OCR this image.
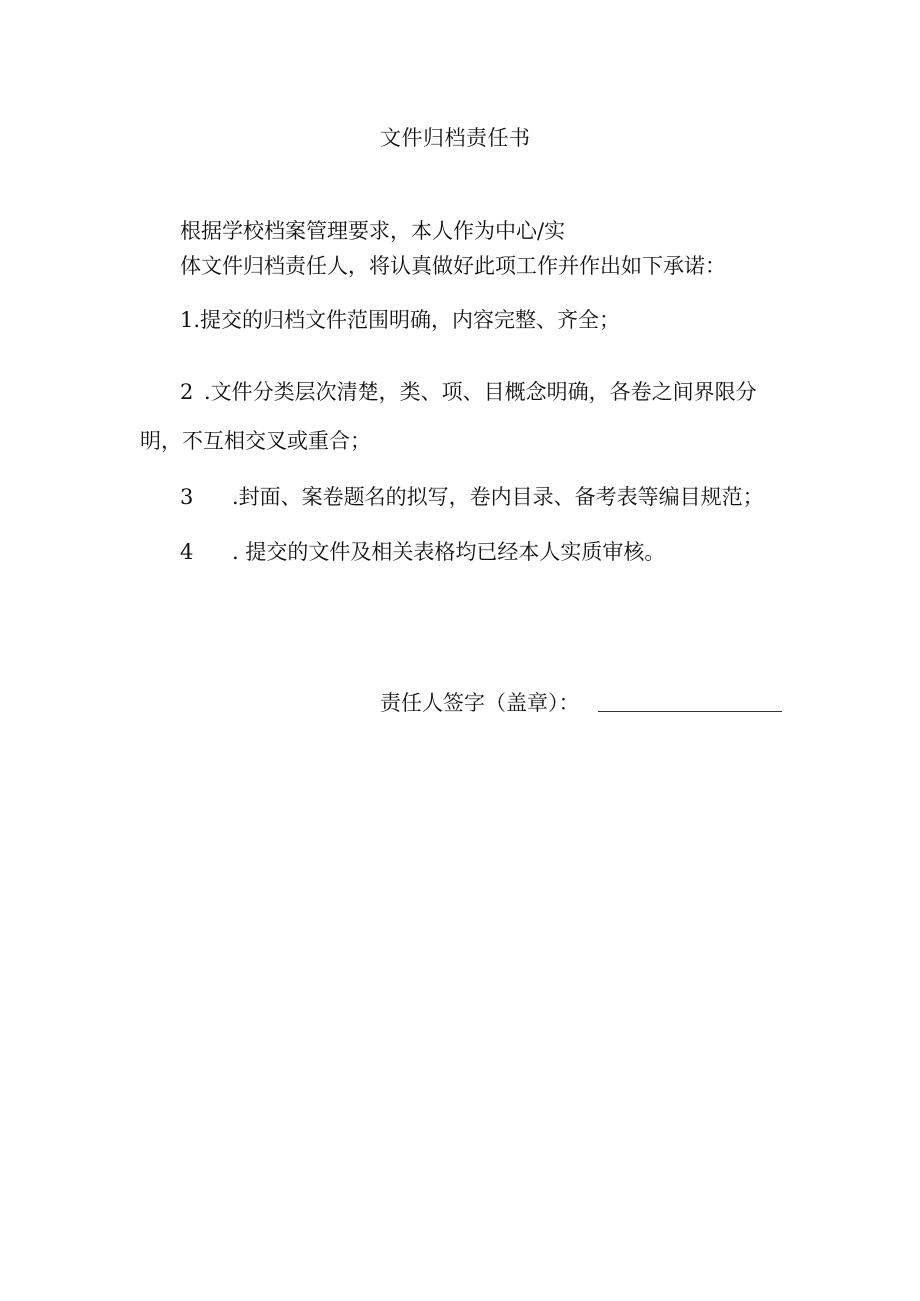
文件归档责任书
根据学校档案管理要求，本人作为中心/实
体文件归档责任人，将认真做好此项工作并作出如下承诺：
1. 提交的归档文件范围明确，内容完整、齐全；
2 .文件分类层次清楚，类、项、目概念明确，各卷之间界限分
明，不互相交叉或重合；
3 .封面、案卷题名的拟写，卷内目录、备考表等编目规范；
4 . 提交的文件及相关表格均已经本人实质审核。
责任人签字（盖章）：
